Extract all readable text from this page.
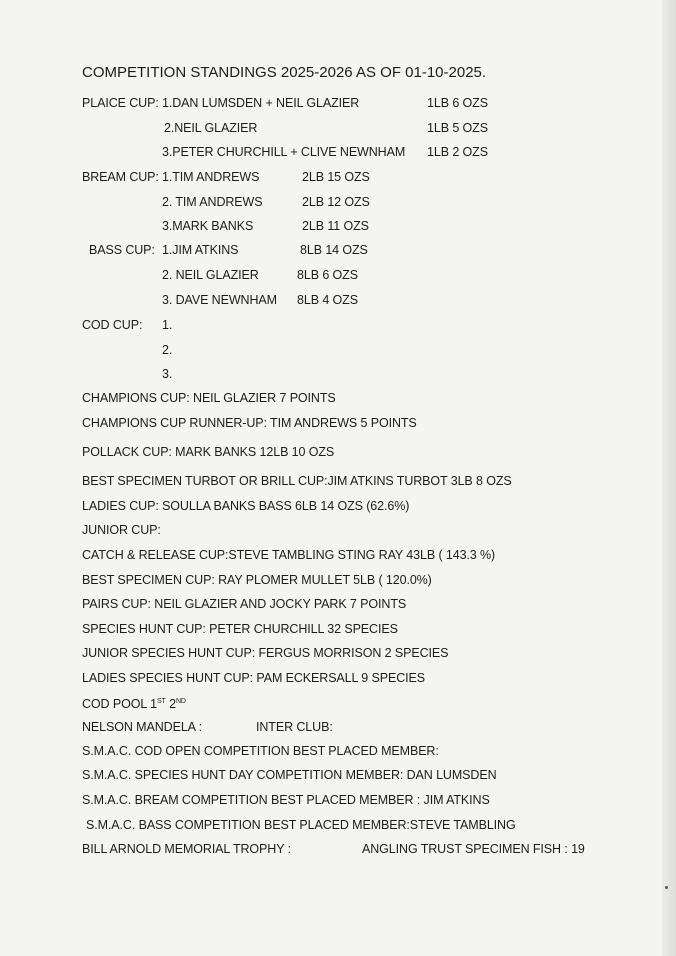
COMPETITION STANDINGS 2025-2026 AS OF 01-10-2025.
PLAICE CUP: 1.DAN LUMSDEN + NEIL GLAZIER	1LB 6 OZS
2.NEIL GLAZIER	1LB 5 OZS
3.PETER CHURCHILL + CLIVE NEWNHAM 1LB 2 OZS
BREAM CUP: 1.TIM ANDREWS	2LB 15 OZS
2. TIM ANDREWS	2LB 12 OZS
3.MARK BANKS	2LB 11 OZS
BASS CUP: 1.JIM ATKINS	8LB 14 OZS
2. NEIL GLAZIER	8LB 6 OZS
3. DAVE NEWNHAM 8LB 4 OZS
COD CUP: 1.
2.
3.
CHAMPIONS CUP: NEIL GLAZIER 7 POINTS
CHAMPIONS CUP RUNNER-UP: TIM ANDREWS 5 POINTS
POLLACK CUP: MARK BANKS 12LB 10 OZS
BEST SPECIMEN TURBOT OR BRILL CUP:JIM ATKINS TURBOT 3LB 8 OZS
LADIES CUP: SOULLA BANKS BASS 6LB 14 OZS (62.6%)
JUNIOR CUP:
CATCH & RELEASE CUP:STEVE TAMBLING STING RAY 43LB ( 143.3 %)
BEST SPECIMEN CUP: RAY PLOMER MULLET 5LB ( 120.0%)
PAIRS CUP: NEIL GLAZIER AND JOCKY PARK 7 POINTS
SPECIES HUNT CUP: PETER CHURCHILL 32 SPECIES
JUNIOR SPECIES HUNT CUP: FERGUS MORRISON 2 SPECIES
LADIES SPECIES HUNT CUP: PAM ECKERSALL 9 SPECIES
COD POOL 1ST 2ND
NELSON MANDELA :	INTER CLUB:
S.M.A.C. COD OPEN COMPETITION BEST PLACED MEMBER:
S.M.A.C. SPECIES HUNT DAY COMPETITION MEMBER: DAN LUMSDEN
S.M.A.C. BREAM COMPETITION BEST PLACED MEMBER : JIM ATKINS
S.M.A.C. BASS COMPETITION BEST PLACED MEMBER:STEVE TAMBLING
BILL ARNOLD MEMORIAL TROPHY :	ANGLING TRUST SPECIMEN FISH : 19
